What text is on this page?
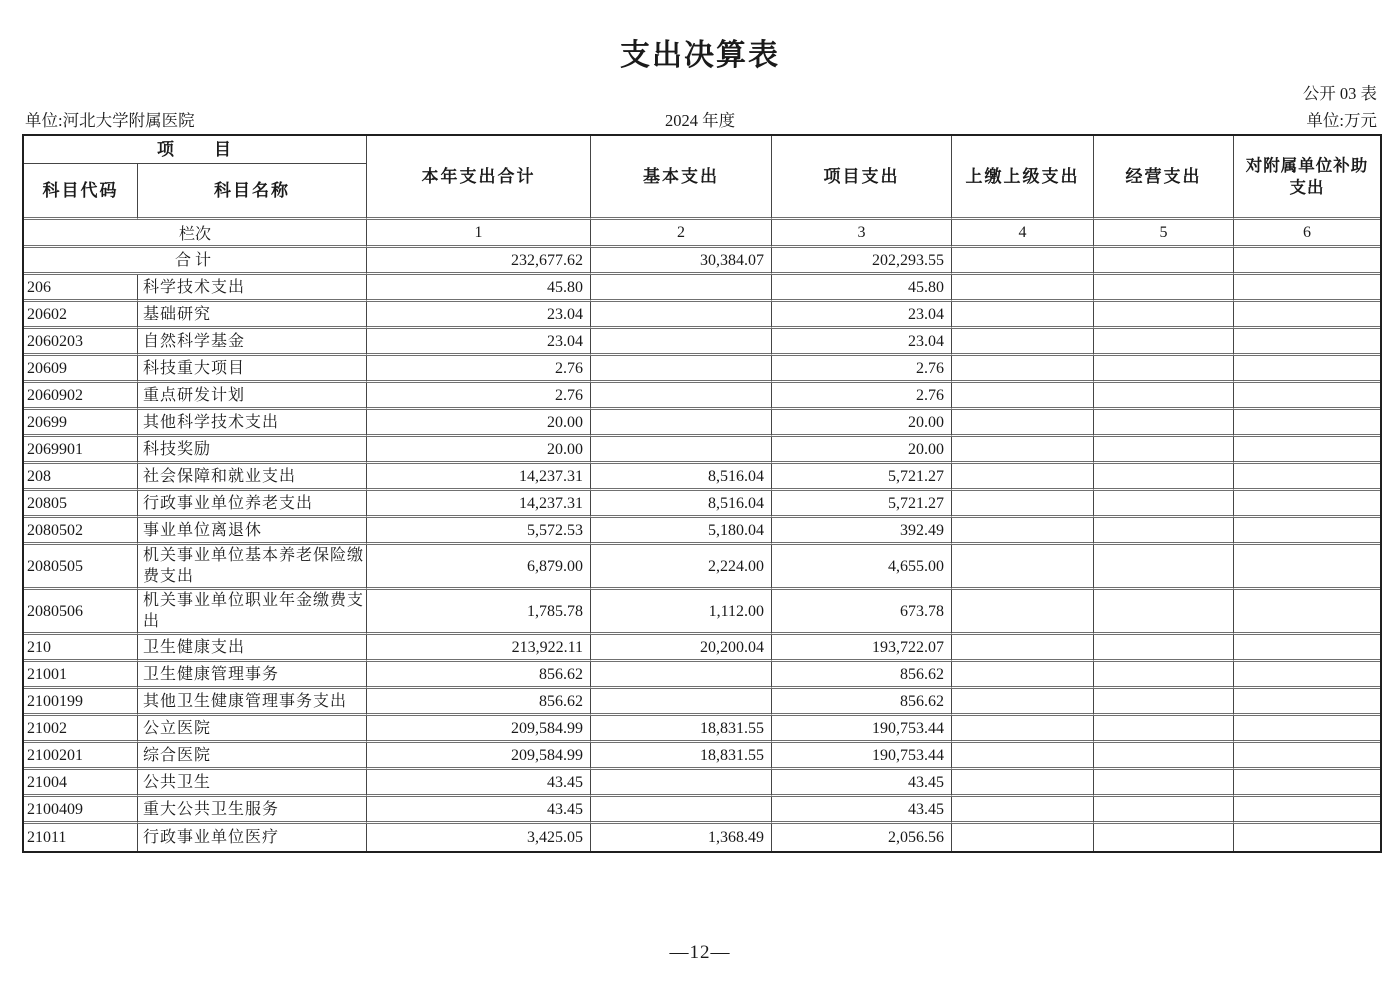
支出决算表
公开 03 表
单位:河北大学附属医院	2024 年度	单位:万元
项　　目		本年支出合计	基本支出	项目支出	上缴上级支出	经营支出	对附属单位补助支出
科目代码	科目名称						
栏次		1	2	3	4	5	6
合计		232,677.62	30,384.07	202,293.55			
206	科学技术支出	45.80		45.80			
20602	基础研究	23.04		23.04			
2060203	自然科学基金	23.04		23.04			
20609	科技重大项目	2.76		2.76			
2060902	重点研发计划	2.76		2.76			
20699	其他科学技术支出	20.00		20.00			
2069901	科技奖励	20.00		20.00			
208	社会保障和就业支出	14,237.31	8,516.04	5,721.27			
20805	行政事业单位养老支出	14,237.31	8,516.04	5,721.27			
2080502	事业单位离退休	5,572.53	5,180.04	392.49			
2080505	机关事业单位基本养老保险缴费支出	6,879.00	2,224.00	4,655.00			
2080506	机关事业单位职业年金缴费支出	1,785.78	1,112.00	673.78			
210	卫生健康支出	213,922.11	20,200.04	193,722.07			
21001	卫生健康管理事务	856.62		856.62			
2100199	其他卫生健康管理事务支出	856.62		856.62			
21002	公立医院	209,584.99	18,831.55	190,753.44			
2100201	综合医院	209,584.99	18,831.55	190,753.44			
21004	公共卫生	43.45		43.45			
2100409	重大公共卫生服务	43.45		43.45			
21011	行政事业单位医疗	3,425.05	1,368.49	2,056.56			
—12—
